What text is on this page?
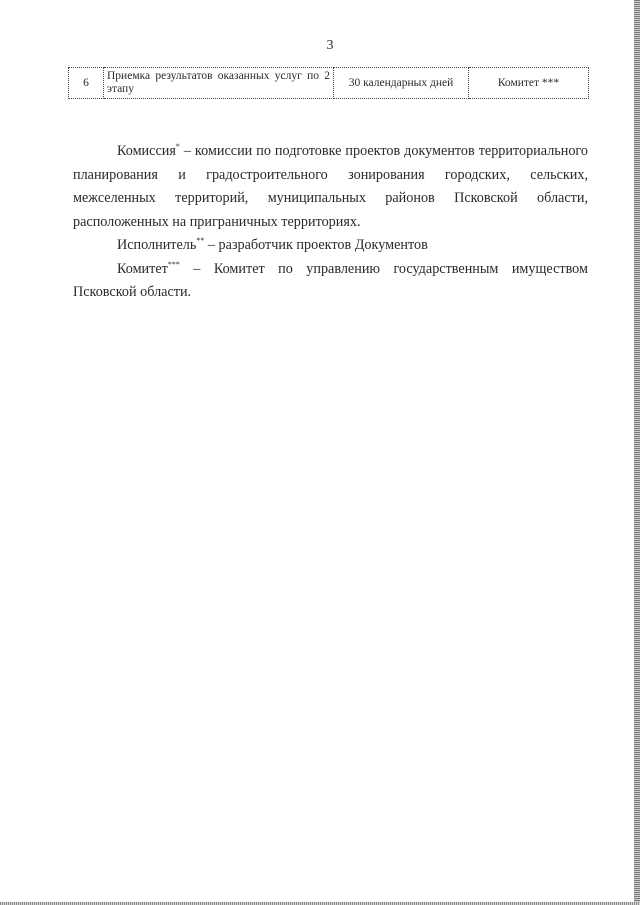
3
6	Приемка результатов оказанных услуг по 2 этапу	30 календарных дней	Комитет ***

Комиссия* – комиссии по подготовке проектов документов территориального планирования и градостроительного зонирования городских, сельских, межселенных территорий, муниципальных районов Псковской области, расположенных на приграничных территориях.

Исполнитель** – разработчик проектов Документов

Комитет*** – Комитет по управлению государственным имуществом Псковской области.
